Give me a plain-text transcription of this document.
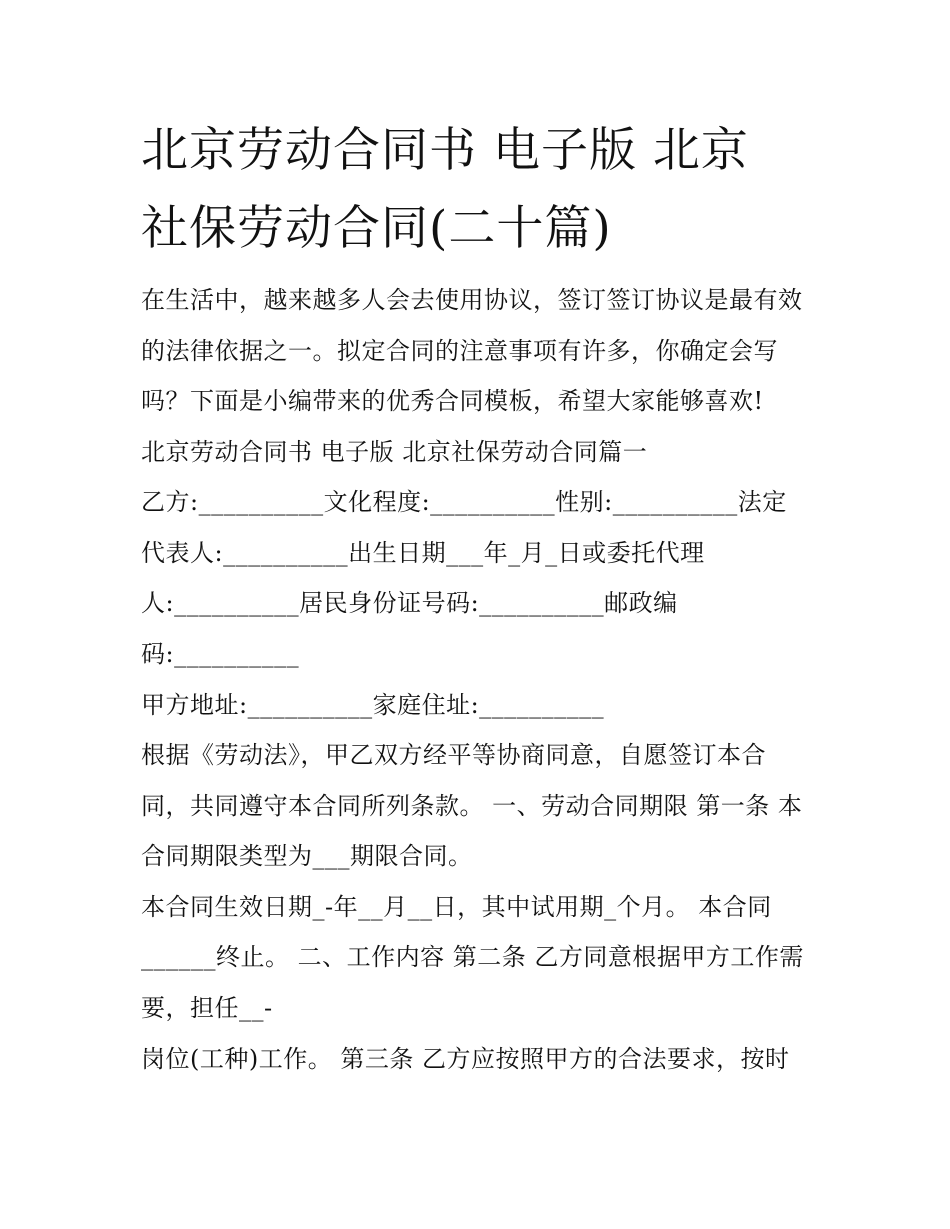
北京劳动合同书 电子版 北京
社保劳动合同(二十篇)

在生活中，越来越多人会去使用协议，签订签订协议是最有效

的法律依据之一。拟定合同的注意事项有许多，你确定会写

吗？下面是小编带来的优秀合同模板，希望大家能够喜欢!

北京劳动合同书 电子版 北京社保劳动合同篇一

乙方:__________文化程度:__________性别:__________法定

代表人:__________出生日期___年_月_日或委托代理

人:__________居民身份证号码:__________邮政编

码:__________

甲方地址:__________家庭住址:__________

根据《劳动法》，甲乙双方经平等协商同意，自愿签订本合

同，共同遵守本合同所列条款。 一、劳动合同期限 第一条 本

合同期限类型为___期限合同。

本合同生效日期_-年__月__日，其中试用期_个月。 本合同

______终止。 二、工作内容 第二条 乙方同意根据甲方工作需

要，担任__-

岗位(工种)工作。 第三条 乙方应按照甲方的合法要求，按时
